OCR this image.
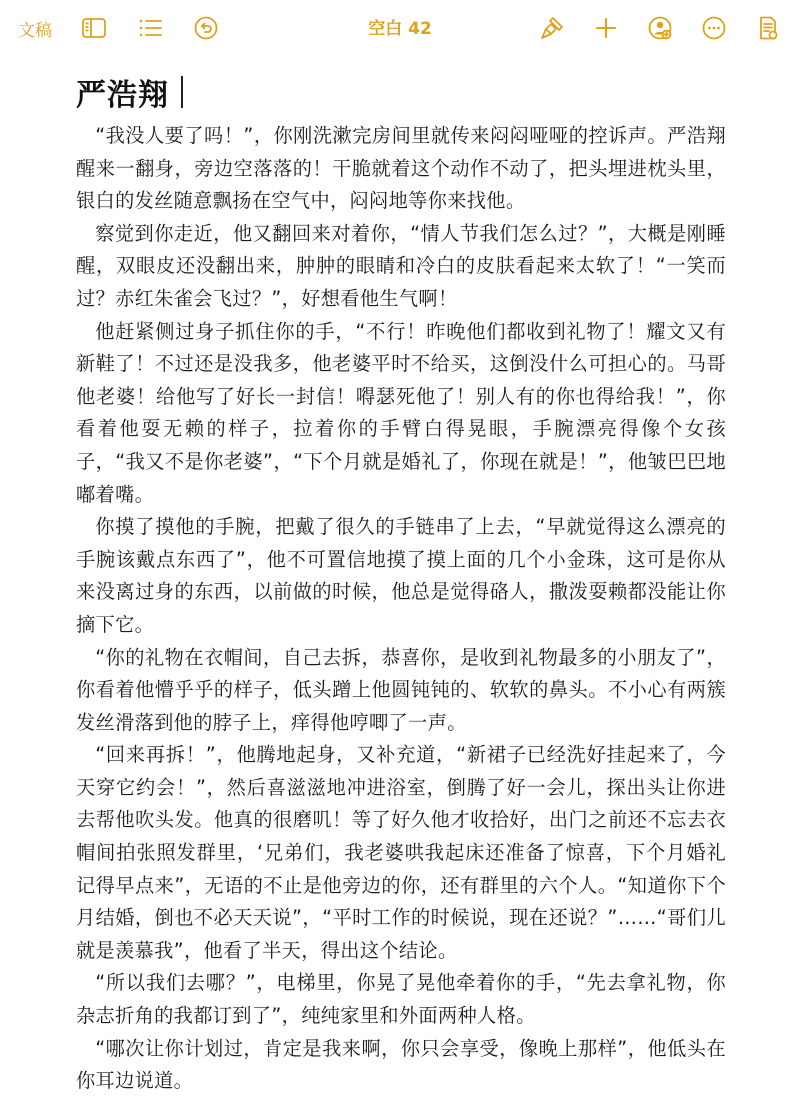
文稿	空白 42
严浩翔

“我没人要了吗！”，你刚洗漱完房间里就传来闷闷哑哑的控诉声。严浩翔醒来一翻身，旁边空落落的！干脆就着这个动作不动了，把头埋进枕头里，银白的发丝随意飘扬在空气中，闷闷地等你来找他。

察觉到你走近，他又翻回来对着你，“情人节我们怎么过？”，大概是刚睡醒，双眼皮还没翻出来，肿肿的眼睛和冷白的皮肤看起来太软了！“一笑而过？赤红朱雀会飞过？”，好想看他生气啊！

他赶紧侧过身子抓住你的手，“不行！昨晚他们都收到礼物了！耀文又有新鞋了！不过还是没我多，他老婆平时不给买，这倒没什么可担心的。马哥他老婆！给他写了好长一封信！嘚瑟死他了！别人有的你也得给我！”，你看着他耍无赖的样子，拉着你的手臂白得晃眼，手腕漂亮得像个女孩子，“我又不是你老婆”，“下个月就是婚礼了，你现在就是！”，他皱巴巴地嘟着嘴。

你摸了摸他的手腕，把戴了很久的手链串了上去，“早就觉得这么漂亮的手腕该戴点东西了”，他不可置信地摸了摸上面的几个小金珠，这可是你从来没离过身的东西，以前做的时候，他总是觉得硌人，撒泼耍赖都没能让你摘下它。

“你的礼物在衣帽间，自己去拆，恭喜你，是收到礼物最多的小朋友了”，你看着他懵乎乎的样子，低头蹭上他圆钝钝的、软软的鼻头。不小心有两簇发丝滑落到他的脖子上，痒得他哼唧了一声。

“回来再拆！”，他腾地起身，又补充道，“新裙子已经洗好挂起来了，今天穿它约会！”，然后喜滋滋地冲进浴室，倒腾了好一会儿，探出头让你进去帮他吹头发。他真的很磨叽！等了好久他才收拾好，出门之前还不忘去衣帽间拍张照发群里，‘兄弟们，我老婆哄我起床还准备了惊喜，下个月婚礼记得早点来”，无语的不止是他旁边的你，还有群里的六个人。“知道你下个月结婚，倒也不必天天说”，“平时工作的时候说，现在还说？”……“哥们儿就是羡慕我”，他看了半天，得出这个结论。

“所以我们去哪？”，电梯里，你晃了晃他牵着你的手，“先去拿礼物，你杂志折角的我都订到了”，纯纯家里和外面两种人格。

“哪次让你计划过，肯定是我来啊，你只会享受，像晚上那样”，他低头在你耳边说道。
